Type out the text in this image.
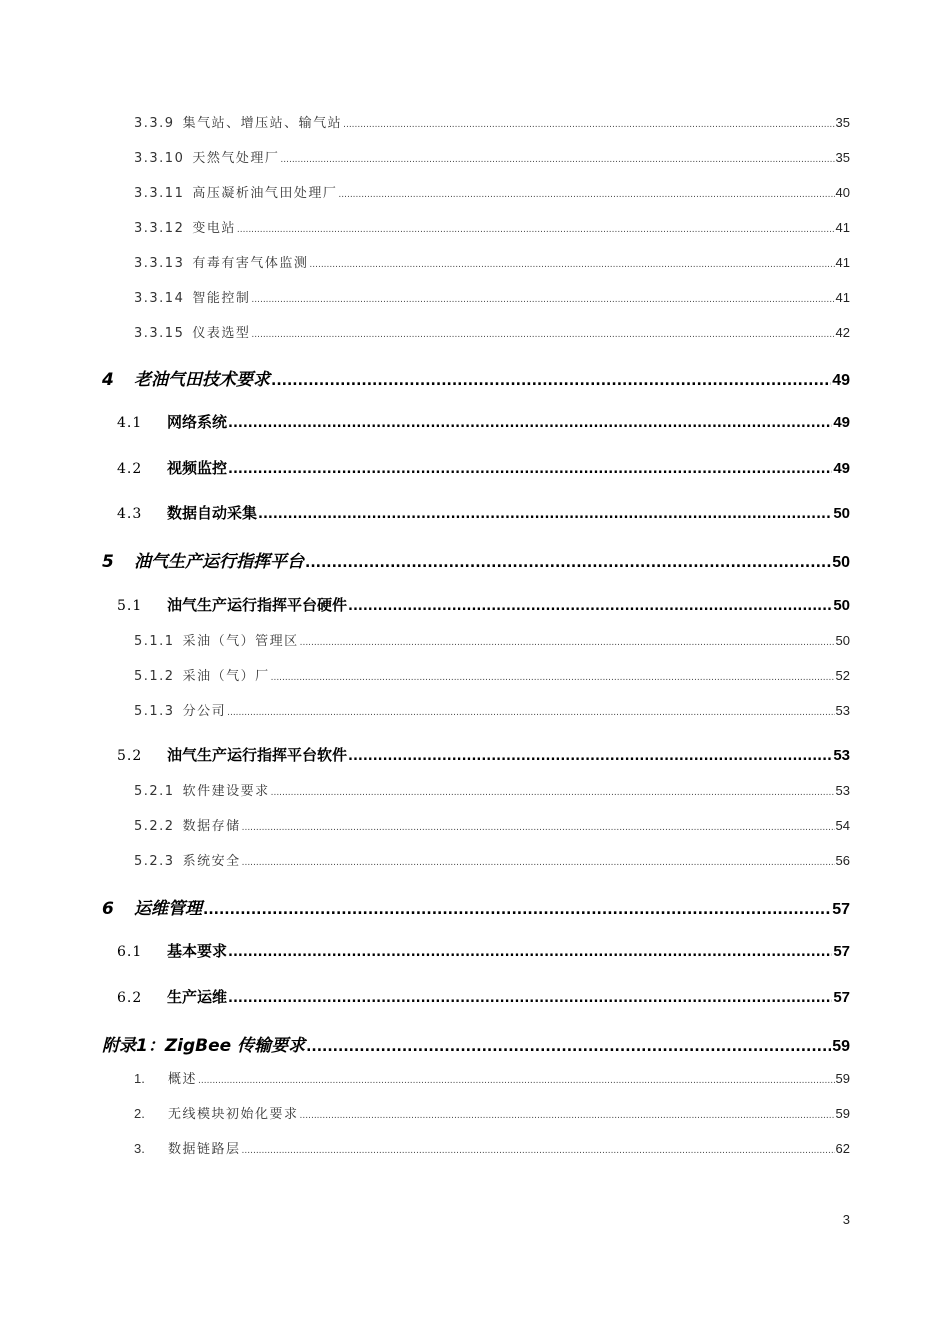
3.3.9 集气站、增压站、输气站 .....	35
3.3.10 天然气处理厂 .....	35
3.3.11 高压凝析油气田处理厂 .....	40
3.3.12 变电站 .....	41
3.3.13 有毒有害气体监测 .....	41
3.3.14 智能控制 .....	41
3.3.15 仪表选型 .....	42
4	老油气田技术要求 .....	49
4.1	网络系统 .....	49
4.2	视频监控 .....	49
4.3	数据自动采集 .....	50
5	油气生产运行指挥平台 .....	50
5.1	油气生产运行指挥平台硬件 .....	50
5.1.1 采油（气）管理区 .....	50
5.1.2 采油（气）厂 .....	52
5.1.3 分公司 .....	53
5.2	油气生产运行指挥平台软件 .....	53
5.2.1 软件建设要求 .....	53
5.2.2 数据存储 .....	54
5.2.3 系统安全 .....	56
6	运维管理 .....	57
6.1	基本要求 .....	57
6.2	生产运维 .....	57
附录1：ZigBee 传输要求 .....	59
1.	概述 .....	59
2.	无线模块初始化要求 .....	59
3.	数据链路层 .....	62
3
